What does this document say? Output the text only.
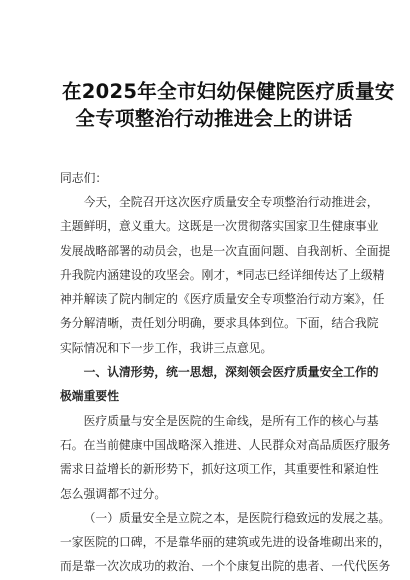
在2025年全市妇幼保健院医疗质量安
全专项整治行动推进会上的讲话
同志们：

今天，全院召开这次医疗质量安全专项整治行动推进会，
主题鲜明，意义重大。这既是一次贯彻落实国家卫生健康事业
发展战略部署的动员会，也是一次直面问题、自我剖析、全面提
升我院内涵建设的攻坚会。刚才，*同志已经详细传达了上级精
神并解读了院内制定的《医疗质量安全专项整治行动方案》，任
务分解清晰，责任划分明确，要求具体到位。下面，结合我院
实际情况和下一步工作，我讲三点意见。

一、认清形势，统一思想，深刻领会医疗质量安全工作的
极端重要性

医疗质量与安全是医院的生命线，是所有工作的核心与基
石。在当前健康中国战略深入推进、人民群众对高品质医疗服务
需求日益增长的新形势下，抓好这项工作，其重要性和紧迫性
怎么强调都不过分。

（一）质量安全是立院之本，是医院行稳致远的发展之基。
一家医院的口碑，不是靠华丽的建筑或先进的设备堆砌出来的，
而是靠一次次成功的救治、一个个康复出院的患者、一代代医务
